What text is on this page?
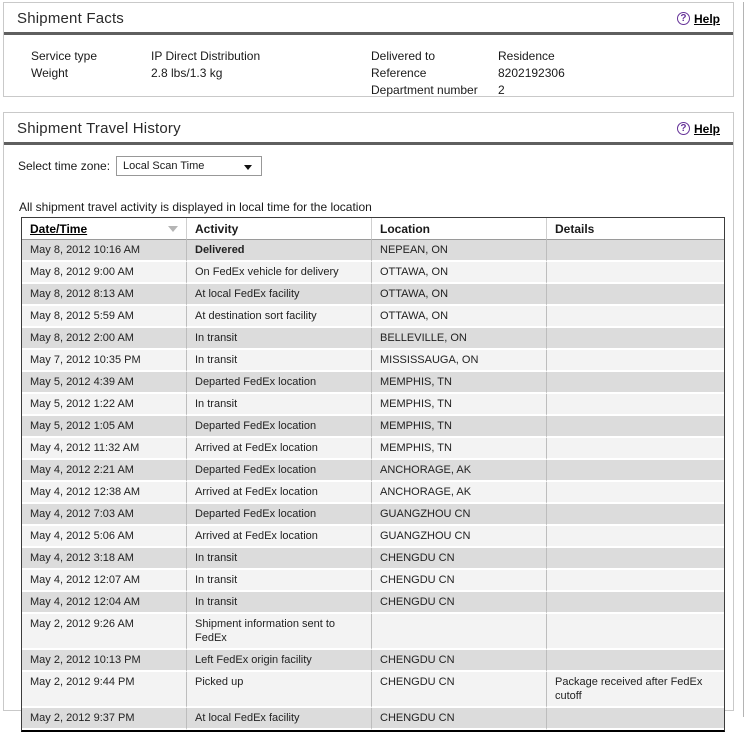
Shipment Facts	? Help
Service type	IP Direct Distribution
Weight	2.8 lbs/1.3 kg
Delivered to	Residence
Reference	8202192306
Department number	2
Shipment Travel History	? Help
Select time zone:	Local Scan Time
All shipment travel activity is displayed in local time for the location
Date/Time	Activity	Location	Details
May 8, 2012 10:16 AM	Delivered	NEPEAN, ON	
May 8, 2012 9:00 AM	On FedEx vehicle for delivery	OTTAWA, ON	
May 8, 2012 8:13 AM	At local FedEx facility	OTTAWA, ON	
May 8, 2012 5:59 AM	At destination sort facility	OTTAWA, ON	
May 8, 2012 2:00 AM	In transit	BELLEVILLE, ON	
May 7, 2012 10:35 PM	In transit	MISSISSAUGA, ON	
May 5, 2012 4:39 AM	Departed FedEx location	MEMPHIS, TN	
May 5, 2012 1:22 AM	In transit	MEMPHIS, TN	
May 5, 2012 1:05 AM	Departed FedEx location	MEMPHIS, TN	
May 4, 2012 11:32 AM	Arrived at FedEx location	MEMPHIS, TN	
May 4, 2012 2:21 AM	Departed FedEx location	ANCHORAGE, AK	
May 4, 2012 12:38 AM	Arrived at FedEx location	ANCHORAGE, AK	
May 4, 2012 7:03 AM	Departed FedEx location	GUANGZHOU CN	
May 4, 2012 5:06 AM	Arrived at FedEx location	GUANGZHOU CN	
May 4, 2012 3:18 AM	In transit	CHENGDU CN	
May 4, 2012 12:07 AM	In transit	CHENGDU CN	
May 4, 2012 12:04 AM	In transit	CHENGDU CN	
May 2, 2012 9:26 AM	Shipment information sent to FedEx		
May 2, 2012 10:13 PM	Left FedEx origin facility	CHENGDU CN	
May 2, 2012 9:44 PM	Picked up	CHENGDU CN	Package received after FedEx cutoff
May 2, 2012 9:37 PM	At local FedEx facility	CHENGDU CN	
